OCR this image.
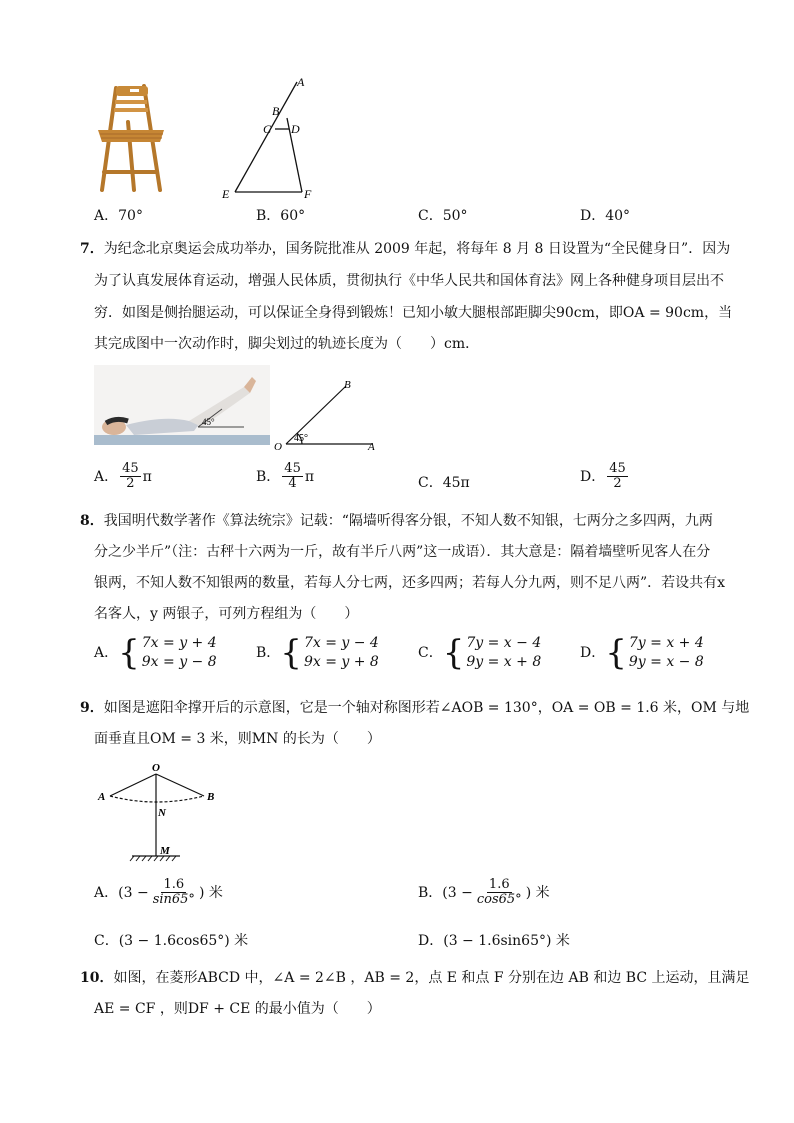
A
B
C D
E	F
A．70°	B．60°	C．50°	D．40°
7．为纪念北京奥运会成功举办，国务院批准从 2009 年起，将每年 8 月 8 日设置为“全民健身日”．因为
为了认真发展体育运动，增强人民体质，贯彻执行《中华人民共和国体育法》网上各种健身项目层出不
穷．如图是侧抬腿运动，可以保证全身得到锻炼！已知小敏大腿根部距脚尖90cm，即OA = 90cm，当
其完成图中一次动作时，脚尖划过的轨迹长度为（　　）cm．
45°
O	A
B
45°
A． $\frac{45}{2}$ π	B． $\frac{45}{4}$ π	C．45π	D． $\frac{45}{2}$
8．我国明代数学著作《算法统宗》记载：“隔墙听得客分银，不知人数不知银，七两分之多四两，九两
分之少半斤”（注：古秤十六两为一斤，故有半斤八两”这一成语）．其大意是：隔着墙壁听见客人在分
银两，不知人数不知银两的数量，若每人分七两，还多四两；若每人分九两，则不足八两”．若设共有x
名客人，y 两银子，可列方程组为（　　）
A． { 7x = y + 4
9x = y − 8
B． { 7x = y − 4
9x = y + 8
C． { 7y = x − 4
9y = x + 8
D． { 7y = x + 4
9y = x − 8
9．如图是遮阳伞撑开后的示意图，它是一个轴对称图形若∠AOB = 130°，OA = OB = 1.6 米，OM 与地
面垂直且OM = 3 米，则MN 的长为（　　）
O
A	B
N
M
A．($3 - \frac{1.6}{\sin 65^\circ}$ ) 米	B．($3 - \frac{1.6}{\cos 65^\circ}$ ) 米
C．(3 − 1.6cos65°) 米	D．(3 − 1.6sin65°) 米
10．如图，在菱形ABCD 中，∠A = 2∠B ，AB = 2，点 E 和点 F 分别在边 AB 和边 BC 上运动，且满足
AE = CF ，则DF + CE 的最小值为（　　）
